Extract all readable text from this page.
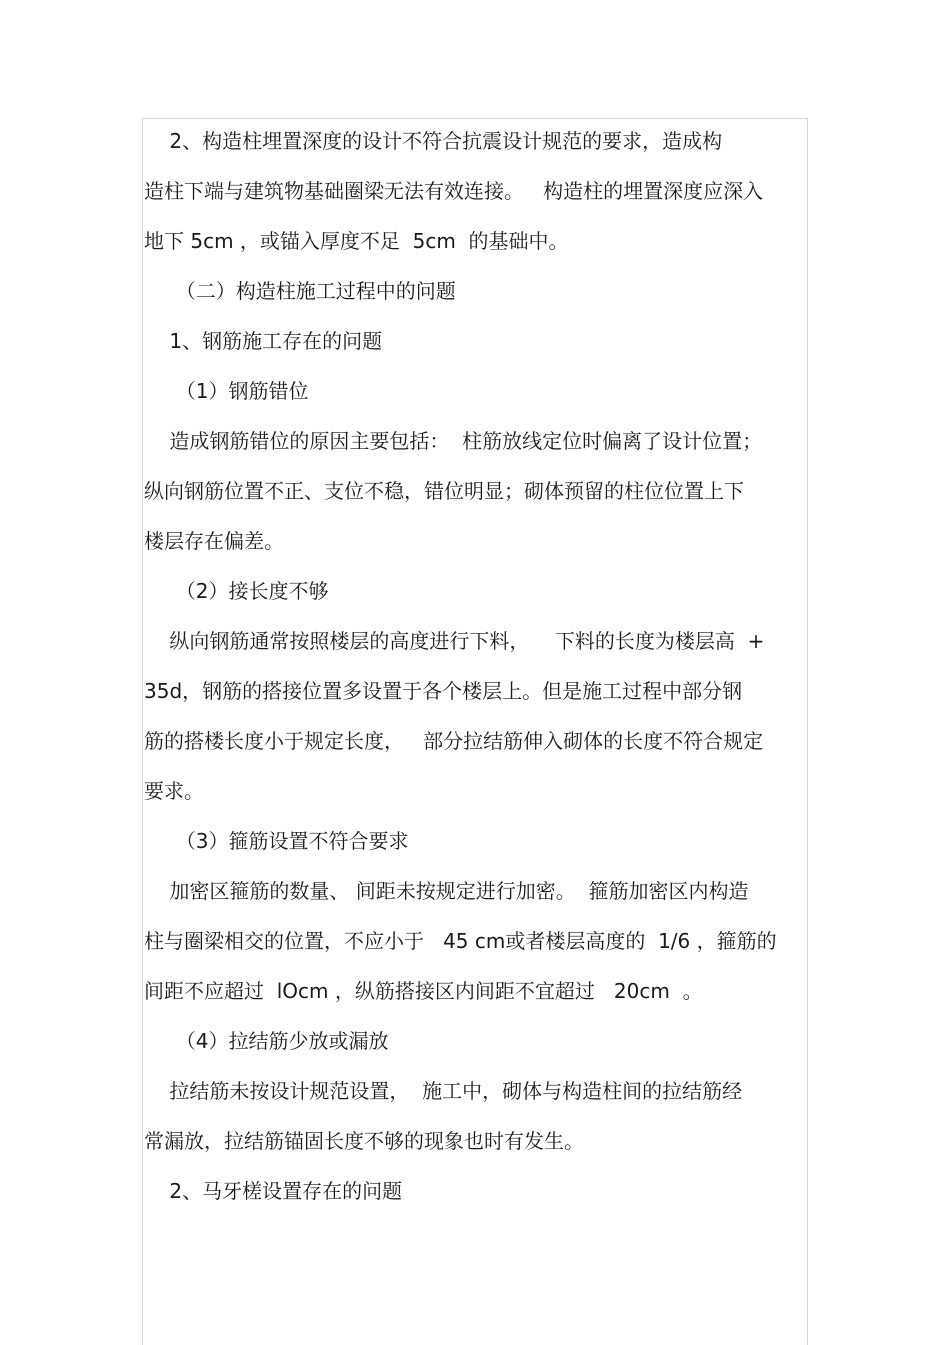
2、构造柱埋置深度的设计不符合抗震设计规范的要求，造成构
造柱下端与建筑物基础圈梁无法有效连接。   构造柱的埋置深度应深入
地下 5cm ，或锚入厚度不足  5cm  的基础中。
（二）构造柱施工过程中的问题
1、钢筋施工存在的问题
（1）钢筋错位
造成钢筋错位的原因主要包括：  柱筋放线定位时偏离了设计位置；
纵向钢筋位置不正、支位不稳，错位明显；砌体预留的柱位位置上下
楼层存在偏差。
（2）接长度不够
纵向钢筋通常按照楼层的高度进行下料，    下料的长度为楼层高  +
35d，钢筋的搭接位置多设置于各个楼层上。但是施工过程中部分钢
筋的搭楼长度小于规定长度，   部分拉结筋伸入砌体的长度不符合规定
要求。
（3）箍筋设置不符合要求
加密区箍筋的数量、 间距未按规定进行加密。  箍筋加密区内构造
柱与圈梁相交的位置，不应小于   45 cm或者楼层高度的  1/6 ，箍筋的
间距不应超过  lOcm ，纵筋搭接区内间距不宜超过   20cm  。
（4）拉结筋少放或漏放
拉结筋未按设计规范设置，  施工中，砌体与构造柱间的拉结筋经
常漏放，拉结筋锚固长度不够的现象也时有发生。
2、马牙槎设置存在的问题
